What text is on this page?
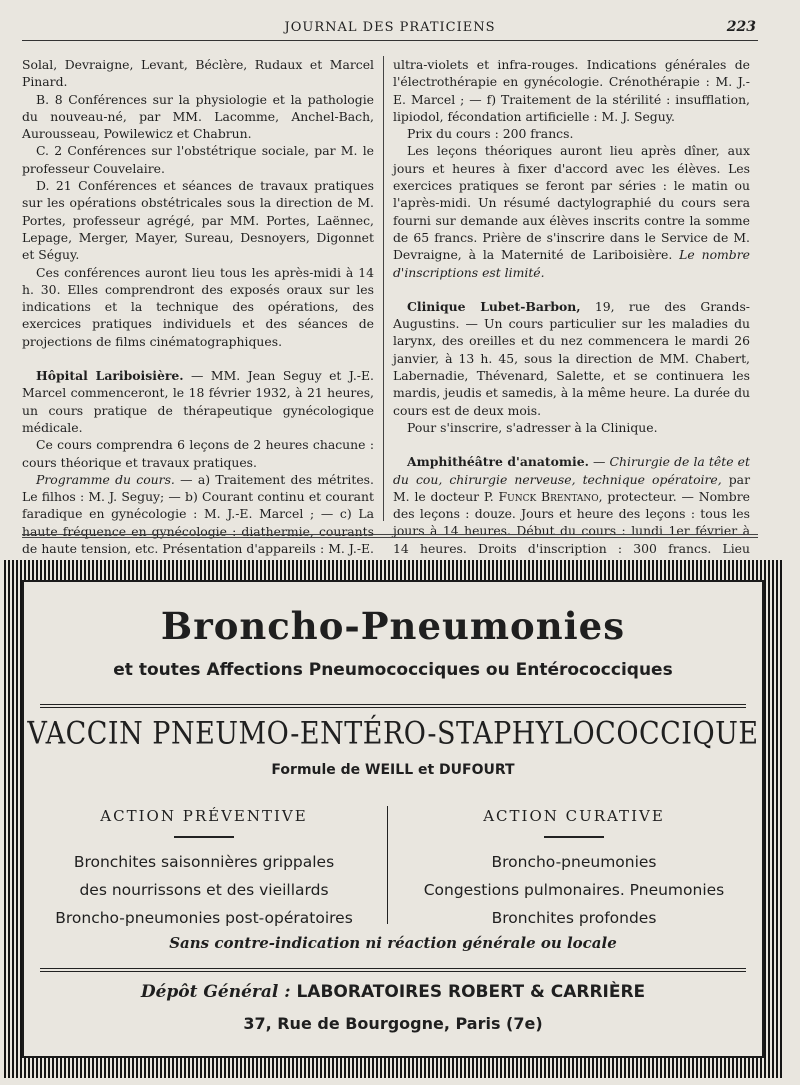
JOURNAL DES PRATICIENS	223

Solal, Devraigne, Levant, Béclère, Rudaux et Marcel Pinard.

B. 8 Conférences sur la physiologie et la pathologie du nouveau-né, par MM. Lacomme, Anchel-Bach, Aurousseau, Powilewicz et Chabrun.

C. 2 Conférences sur l'obstétrique sociale, par M. le professeur Couvelaire.

D. 21 Conférences et séances de travaux pratiques sur les opérations obstétricales sous la direction de M. Portes, professeur agrégé, par MM. Portes, Laënnec, Lepage, Merger, Mayer, Sureau, Desnoyers, Digonnet et Séguy.

Ces conférences auront lieu tous les après-midi à 14 h. 30. Elles comprendront des exposés oraux sur les indications et la technique des opérations, des exercices pratiques individuels et des séances de projections de films cinématographiques.

Hôpital Lariboisière. — MM. Jean Seguy et J.-E. Marcel commenceront, le 18 février 1932, à 21 heures, un cours pratique de thérapeutique gynécologique médicale.

Ce cours comprendra 6 leçons de 2 heures chacune : cours théorique et travaux pratiques.

Programme du cours. — a) Traitement des métrites. Le filhos : M. J. Seguy; — b) Courant continu et courant faradique en gynécologie : M. J.-E. Marcel ; — c) La haute fréquence en gynécologie : diathermie, courants de haute tension, etc. Présentation d'appareils : M. J.-E.

ultra-violets et infra-rouges. Indications générales de l'électrothérapie en gynécologie. Crénothérapie : M. J.-E. Marcel ; — f) Traitement de la stérilité : insufflation, lipiodol, fécondation artificielle : M. J. Seguy.

Prix du cours : 200 francs.

Les leçons théoriques auront lieu après dîner, aux jours et heures à fixer d'accord avec les élèves. Les exercices pratiques se feront par séries : le matin ou l'après-midi. Un résumé dactylographié du cours sera fourni sur demande aux élèves inscrits contre la somme de 65 francs. Prière de s'inscrire dans le Service de M. Devraigne, à la Maternité de Lariboisière. Le nombre d'inscriptions est limité.

Clinique Lubet-Barbon, 19, rue des Grands-Augustins. — Un cours particulier sur les maladies du larynx, des oreilles et du nez commencera le mardi 26 janvier, à 13 h. 45, sous la direction de MM. Chabert, Labernadie, Thévenard, Salette, et se continuera les mardis, jeudis et samedis, à la même heure. La durée du cours est de deux mois.

Pour s'inscrire, s'adresser à la Clinique.

Amphithéâtre d'anatomie. — Chirurgie de la tête et du cou, chirurgie nerveuse, technique opératoire, par M. le docteur P. Funck Brentano, protecteur. — Nombre des leçons : douze. Jours et heure des leçons : tous les jours à 14 heures. Début du cours : lundi 1er février à 14 heures. Droits d'inscription : 300 francs. Lieu

Broncho-Pneumonies
et toutes Affections Pneumococciques ou Entérococciques
VACCIN PNEUMO-ENTÉRO-STAPHYLOCOCCIQUE
Formule de WEILL et DUFOURT
ACTION PRÉVENTIVE
Bronchites saisonnières grippales
des nourrissons et des vieillards
Broncho-pneumonies post-opératoires
ACTION CURATIVE
Broncho-pneumonies
Congestions pulmonaires. Pneumonies
Bronchites profondes
Sans contre-indication ni réaction générale ou locale
Dépôt Général : LABORATOIRES ROBERT & CARRIÈRE
37, Rue de Bourgogne, Paris (7e)
